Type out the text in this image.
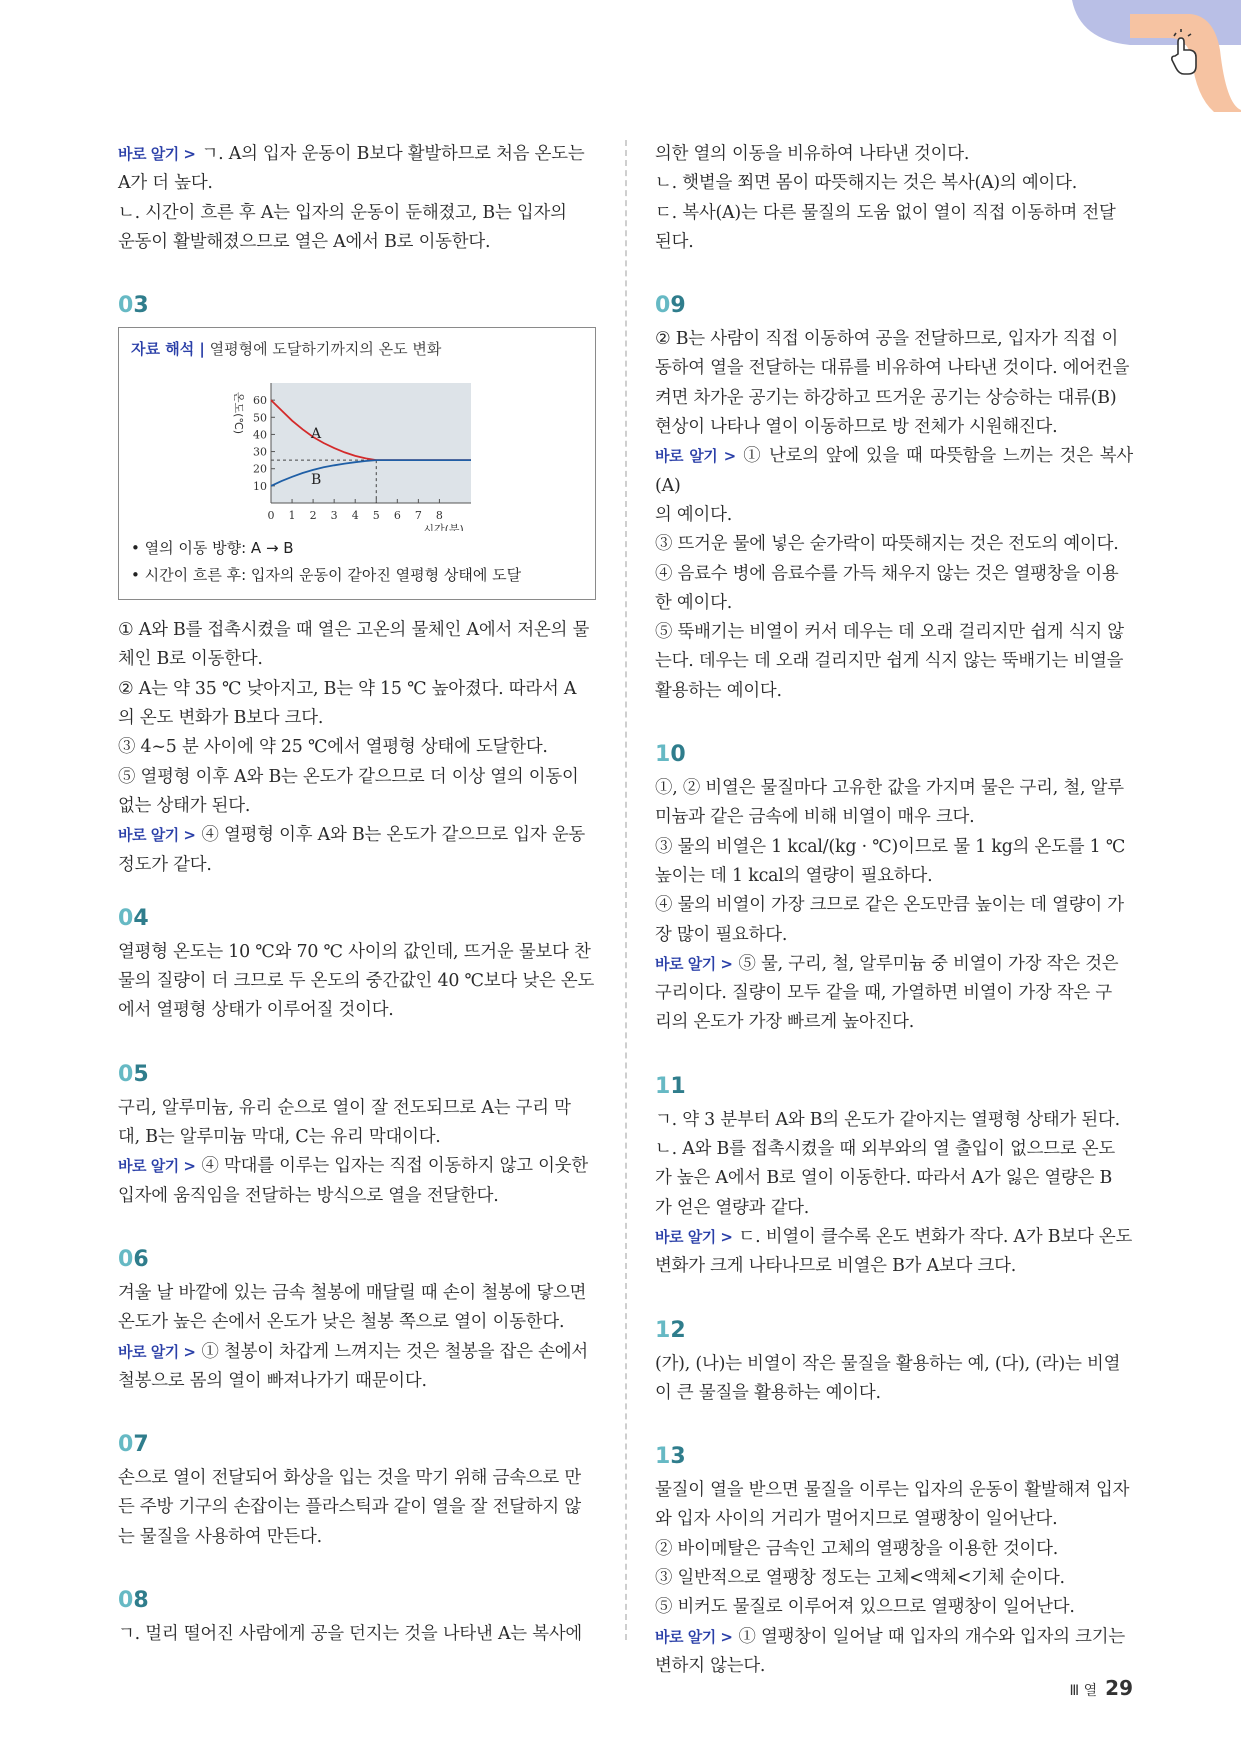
바로 알기 > ㄱ. A의 입자 운동이 B보다 활발하므로 처음 온도는

A가 더 높다.

ㄴ. 시간이 흐른 후 A는 입자의 운동이 둔해졌고, B는 입자의

운동이 활발해졌으므로 열은 A에서 B로 이동한다.

03
자료 해석 | 열평형에 도달하기까지의 온도 변화
10
20
30
40
50
60
0 1 2 3 4 5 6 7 8
A
B
시간(분)
온도(℃)
• 열의 이동 방향: A → B
• 시간이 흐른 후: 입자의 운동이 같아진 열평형 상태에 도달

① A와 B를 접촉시켰을 때 열은 고온의 물체인 A에서 저온의 물

체인 B로 이동한다.

② A는 약 35 ℃ 낮아지고, B는 약 15 ℃ 높아졌다. 따라서 A

의 온도 변화가 B보다 크다.

③ 4~5 분 사이에 약 25 ℃에서 열평형 상태에 도달한다.

⑤ 열평형 이후 A와 B는 온도가 같으므로 더 이상 열의 이동이

없는 상태가 된다.

바로 알기 > ④ 열평형 이후 A와 B는 온도가 같으므로 입자 운동

정도가 같다.

04

열평형 온도는 10 ℃와 70 ℃ 사이의 값인데, 뜨거운 물보다 찬

물의 질량이 더 크므로 두 온도의 중간값인 40 ℃보다 낮은 온도

에서 열평형 상태가 이루어질 것이다.

05

구리, 알루미늄, 유리 순으로 열이 잘 전도되므로 A는 구리 막

대, B는 알루미늄 막대, C는 유리 막대이다.

바로 알기 > ④ 막대를 이루는 입자는 직접 이동하지 않고 이웃한

입자에 움직임을 전달하는 방식으로 열을 전달한다.

06

겨울 날 바깥에 있는 금속 철봉에 매달릴 때 손이 철봉에 닿으면

온도가 높은 손에서 온도가 낮은 철봉 쪽으로 열이 이동한다.

바로 알기 > ① 철봉이 차갑게 느껴지는 것은 철봉을 잡은 손에서

철봉으로 몸의 열이 빠져나가기 때문이다.

07

손으로 열이 전달되어 화상을 입는 것을 막기 위해 금속으로 만

든 주방 기구의 손잡이는 플라스틱과 같이 열을 잘 전달하지 않

는 물질을 사용하여 만든다.

08

ㄱ. 멀리 떨어진 사람에게 공을 던지는 것을 나타낸 A는 복사에

의한 열의 이동을 비유하여 나타낸 것이다.

ㄴ. 햇볕을 쬐면 몸이 따뜻해지는 것은 복사(A)의 예이다.

ㄷ. 복사(A)는 다른 물질의 도움 없이 열이 직접 이동하며 전달

된다.

09

② B는 사람이 직접 이동하여 공을 전달하므로, 입자가 직접 이

동하여 열을 전달하는 대류를 비유하여 나타낸 것이다. 에어컨을

켜면 차가운 공기는 하강하고 뜨거운 공기는 상승하는 대류(B)

현상이 나타나 열이 이동하므로 방 전체가 시원해진다.

바로 알기 > ① 난로의 앞에 있을 때 따뜻함을 느끼는 것은 복사(A)

의 예이다.

③ 뜨거운 물에 넣은 숟가락이 따뜻해지는 것은 전도의 예이다.

④ 음료수 병에 음료수를 가득 채우지 않는 것은 열팽창을 이용

한 예이다.

⑤ 뚝배기는 비열이 커서 데우는 데 오래 걸리지만 쉽게 식지 않

는다. 데우는 데 오래 걸리지만 쉽게 식지 않는 뚝배기는 비열을

활용하는 예이다.

10

①, ② 비열은 물질마다 고유한 값을 가지며 물은 구리, 철, 알루

미늄과 같은 금속에 비해 비열이 매우 크다.

③ 물의 비열은 1 kcal/(kg · ℃)이므로 물 1 kg의 온도를 1 ℃

높이는 데 1 kcal의 열량이 필요하다.

④ 물의 비열이 가장 크므로 같은 온도만큼 높이는 데 열량이 가

장 많이 필요하다.

바로 알기 > ⑤ 물, 구리, 철, 알루미늄 중 비열이 가장 작은 것은

구리이다. 질량이 모두 같을 때, 가열하면 비열이 가장 작은 구

리의 온도가 가장 빠르게 높아진다.

11

ㄱ. 약 3 분부터 A와 B의 온도가 같아지는 열평형 상태가 된다.

ㄴ. A와 B를 접촉시켰을 때 외부와의 열 출입이 없으므로 온도

가 높은 A에서 B로 열이 이동한다. 따라서 A가 잃은 열량은 B

가 얻은 열량과 같다.

바로 알기 > ㄷ. 비열이 클수록 온도 변화가 작다. A가 B보다 온도

변화가 크게 나타나므로 비열은 B가 A보다 크다.

12

(가), (나)는 비열이 작은 물질을 활용하는 예, (다), (라)는 비열

이 큰 물질을 활용하는 예이다.

13

물질이 열을 받으면 물질을 이루는 입자의 운동이 활발해져 입자

와 입자 사이의 거리가 멀어지므로 열팽창이 일어난다.

② 바이메탈은 금속인 고체의 열팽창을 이용한 것이다.

③ 일반적으로 열팽창 정도는 고체<액체<기체 순이다.

⑤ 비커도 물질로 이루어져 있으므로 열팽창이 일어난다.

바로 알기 > ① 열팽창이 일어날 때 입자의 개수와 입자의 크기는

변하지 않는다.

Ⅲ 열 29
